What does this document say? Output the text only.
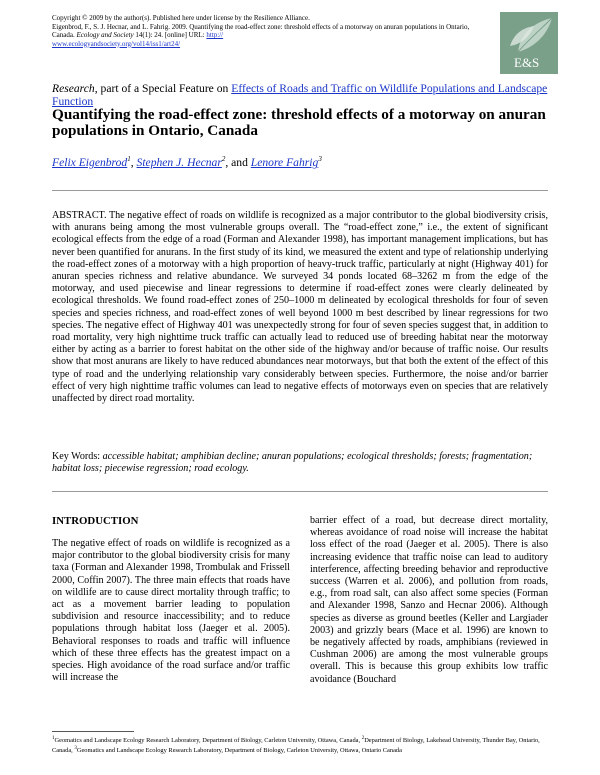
Copyright © 2009 by the author(s). Published here under license by the Resilience Alliance.
Eigenbrod, F., S. J. Hecnar, and L. Fahrig. 2009. Quantifying the road-effect zone: threshold effects of a motorway on anuran populations in Ontario, Canada. Ecology and Society 14(1): 24. [online] URL: http://
www.ecologyandsociety.org/vol14/iss1/art24/
E&S
Research, part of a Special Feature on Effects of Roads and Traffic on Wildlife Populations and Landscape Function
Quantifying the road-effect zone: threshold effects of a motorway on anuran populations in Ontario, Canada
Felix Eigenbrod$^1$, Stephen J. Hecnar$^2$, and Lenore Fahrig$^3$
ABSTRACT. The negative effect of roads on wildlife is recognized as a major contributor to the global biodiversity crisis, with anurans being among the most vulnerable groups overall. The “road-effect zone,” i.e., the extent of significant ecological effects from the edge of a road (Forman and Alexander 1998), has important management implications, but has never been quantified for anurans. In the first study of its kind, we measured the extent and type of relationship underlying the road-effect zones of a motorway with a high proportion of heavy-truck traffic, particularly at night (Highway 401) for anuran species richness and relative abundance. We surveyed 34 ponds located 68–3262 m from the edge of the motorway, and used piecewise and linear regressions to determine if road-effect zones were clearly delineated by ecological thresholds. We found road-effect zones of 250–1000 m delineated by ecological thresholds for four of seven species and species richness, and road-effect zones of well beyond 1000 m best described by linear regressions for two species. The negative effect of Highway 401 was unexpectedly strong for four of seven species suggest that, in addition to road mortality, very high nighttime truck traffic can actually lead to reduced use of breeding habitat near the motorway either by acting as a barrier to forest habitat on the other side of the highway and/or because of traffic noise. Our results show that most anurans are likely to have reduced abundances near motorways, but that both the extent of the effect of this type of road and the underlying relationship vary considerably between species. Furthermore, the noise and/or barrier effect of very high nighttime traffic volumes can lead to negative effects of motorways even on species that are relatively unaffected by direct road mortality.
Key Words: accessible habitat; amphibian decline; anuran populations; ecological thresholds; forests; fragmentation; habitat loss; piecewise regression; road ecology.
INTRODUCTION
The negative effect of roads on wildlife is recognized as a major contributor to the global biodiversity crisis for many taxa (Forman and Alexander 1998, Trombulak and Frissell 2000, Coffin 2007). The three main effects that roads have on wildlife are to cause direct mortality through traffic; to act as a movement barrier leading to population subdivision and resource inaccessibility; and to reduce populations through habitat loss (Jaeger et al. 2005). Behavioral responses to roads and traffic will influence which of these three effects has the greatest impact on a species. High avoidance of the road surface and/or traffic will increase the
barrier effect of a road, but decrease direct mortality, whereas avoidance of road noise will increase the habitat loss effect of the road (Jaeger et al. 2005). There is also increasing evidence that traffic noise can lead to auditory interference, affecting breeding behavior and reproductive success (Warren et al. 2006), and pollution from roads, e.g., from road salt, can also affect some species (Forman and Alexander 1998, Sanzo and Hecnar 2006). Although species as diverse as ground beetles (Keller and Largiader 2003) and grizzly bears (Mace et al. 1996) are known to be negatively affected by roads, amphibians (reviewed in Cushman 2006) are among the most vulnerable groups overall. This is because this group exhibits low traffic avoidance (Bouchard
$^1$Geomatics and Landscape Ecology Research Laboratory, Department of Biology, Carleton University, Ottawa, Canada, $^2$Department of Biology, Lakehead University, Thunder Bay, Ontario, Canada, $^3$Geomatics and Landscape Ecology Research Laboratory, Department of Biology, Carleton University, Ottawa, Ontario Canada
